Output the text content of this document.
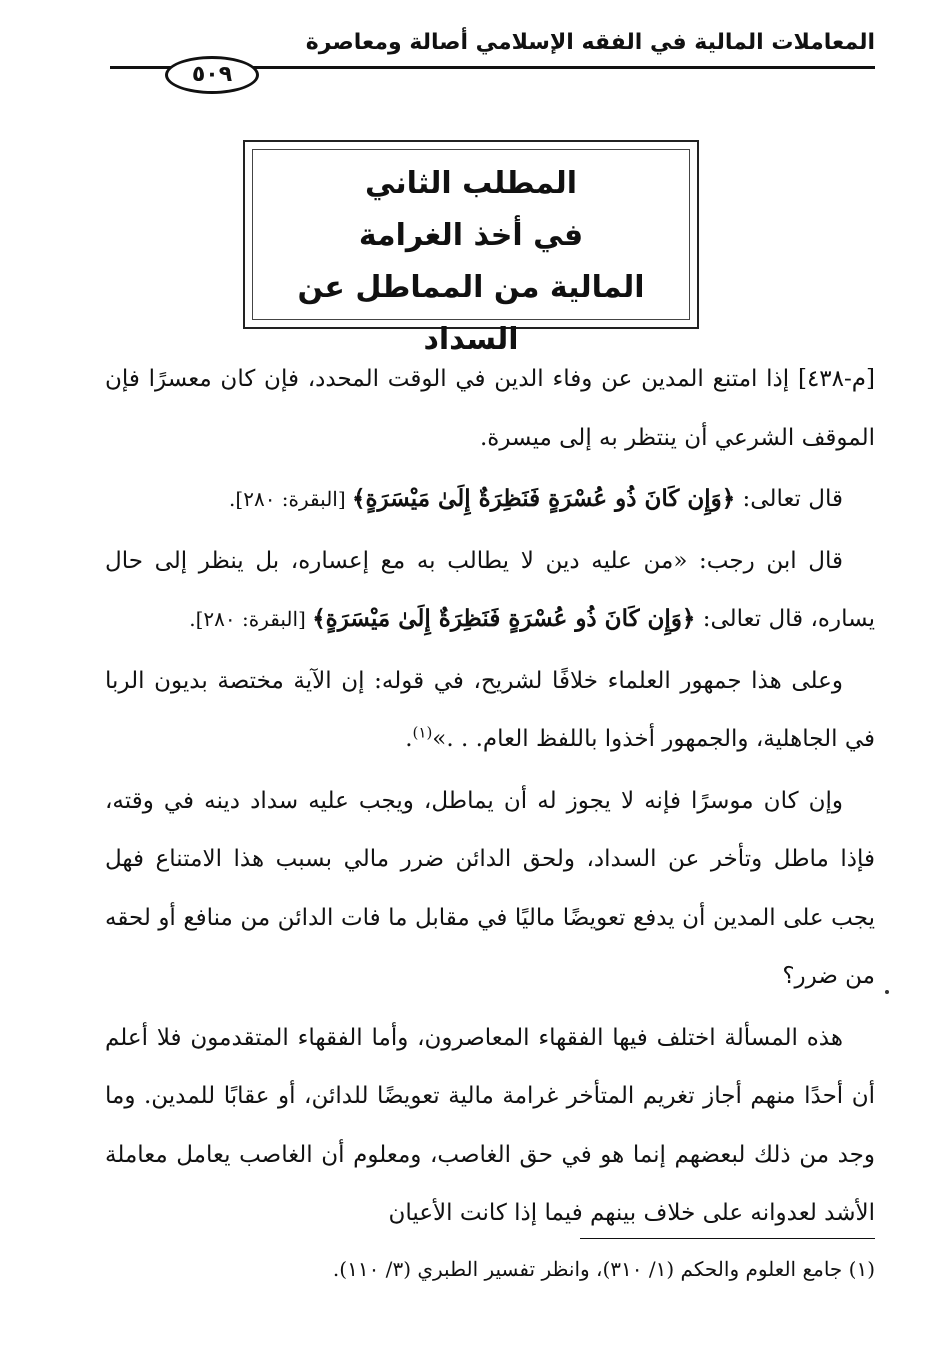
المعاملات المالية في الفقه الإسلامي أصالة ومعاصرة
٥٠٩
المطلب الثاني
في أخذ الغرامة
المالية من المماطل عن السداد

[م-٤٣٨] إذا امتنع المدين عن وفاء الدين في الوقت المحدد، فإن كان معسرًا فإن الموقف الشرعي أن ينتظر به إلى ميسرة.

قال تعالى: ﴿وَإِن كَانَ ذُو عُسْرَةٍ فَنَظِرَةٌ إِلَىٰ مَيْسَرَةٍ﴾ [البقرة: ٢٨٠].

قال ابن رجب: «من عليه دين لا يطالب به مع إعساره، بل ينظر إلى حال يساره، قال تعالى: ﴿وَإِن كَانَ ذُو عُسْرَةٍ فَنَظِرَةٌ إِلَىٰ مَيْسَرَةٍ﴾ [البقرة: ٢٨٠].

وعلى هذا جمهور العلماء خلافًا لشريح، في قوله: إن الآية مختصة بديون الربا في الجاهلية، والجمهور أخذوا باللفظ العام. . .»$^{(١)}$.

وإن كان موسرًا فإنه لا يجوز له أن يماطل، ويجب عليه سداد دينه في وقته، فإذا ماطل وتأخر عن السداد، ولحق الدائن ضرر مالي بسبب هذا الامتناع فهل يجب على المدين أن يدفع تعويضًا ماليًا في مقابل ما فات الدائن من منافع أو لحقه من ضرر؟

هذه المسألة اختلف فيها الفقهاء المعاصرون، وأما الفقهاء المتقدمون فلا أعلم أن أحدًا منهم أجاز تغريم المتأخر غرامة مالية تعويضًا للدائن، أو عقابًا للمدين. وما وجد من ذلك لبعضهم إنما هو في حق الغاصب، ومعلوم أن الغاصب يعامل معاملة الأشد لعدوانه على خلاف بينهم فيما إذا كانت الأعيان

(١) جامع العلوم والحكم (١/ ٣١٠)، وانظر تفسير الطبري (٣/ ١١٠).
